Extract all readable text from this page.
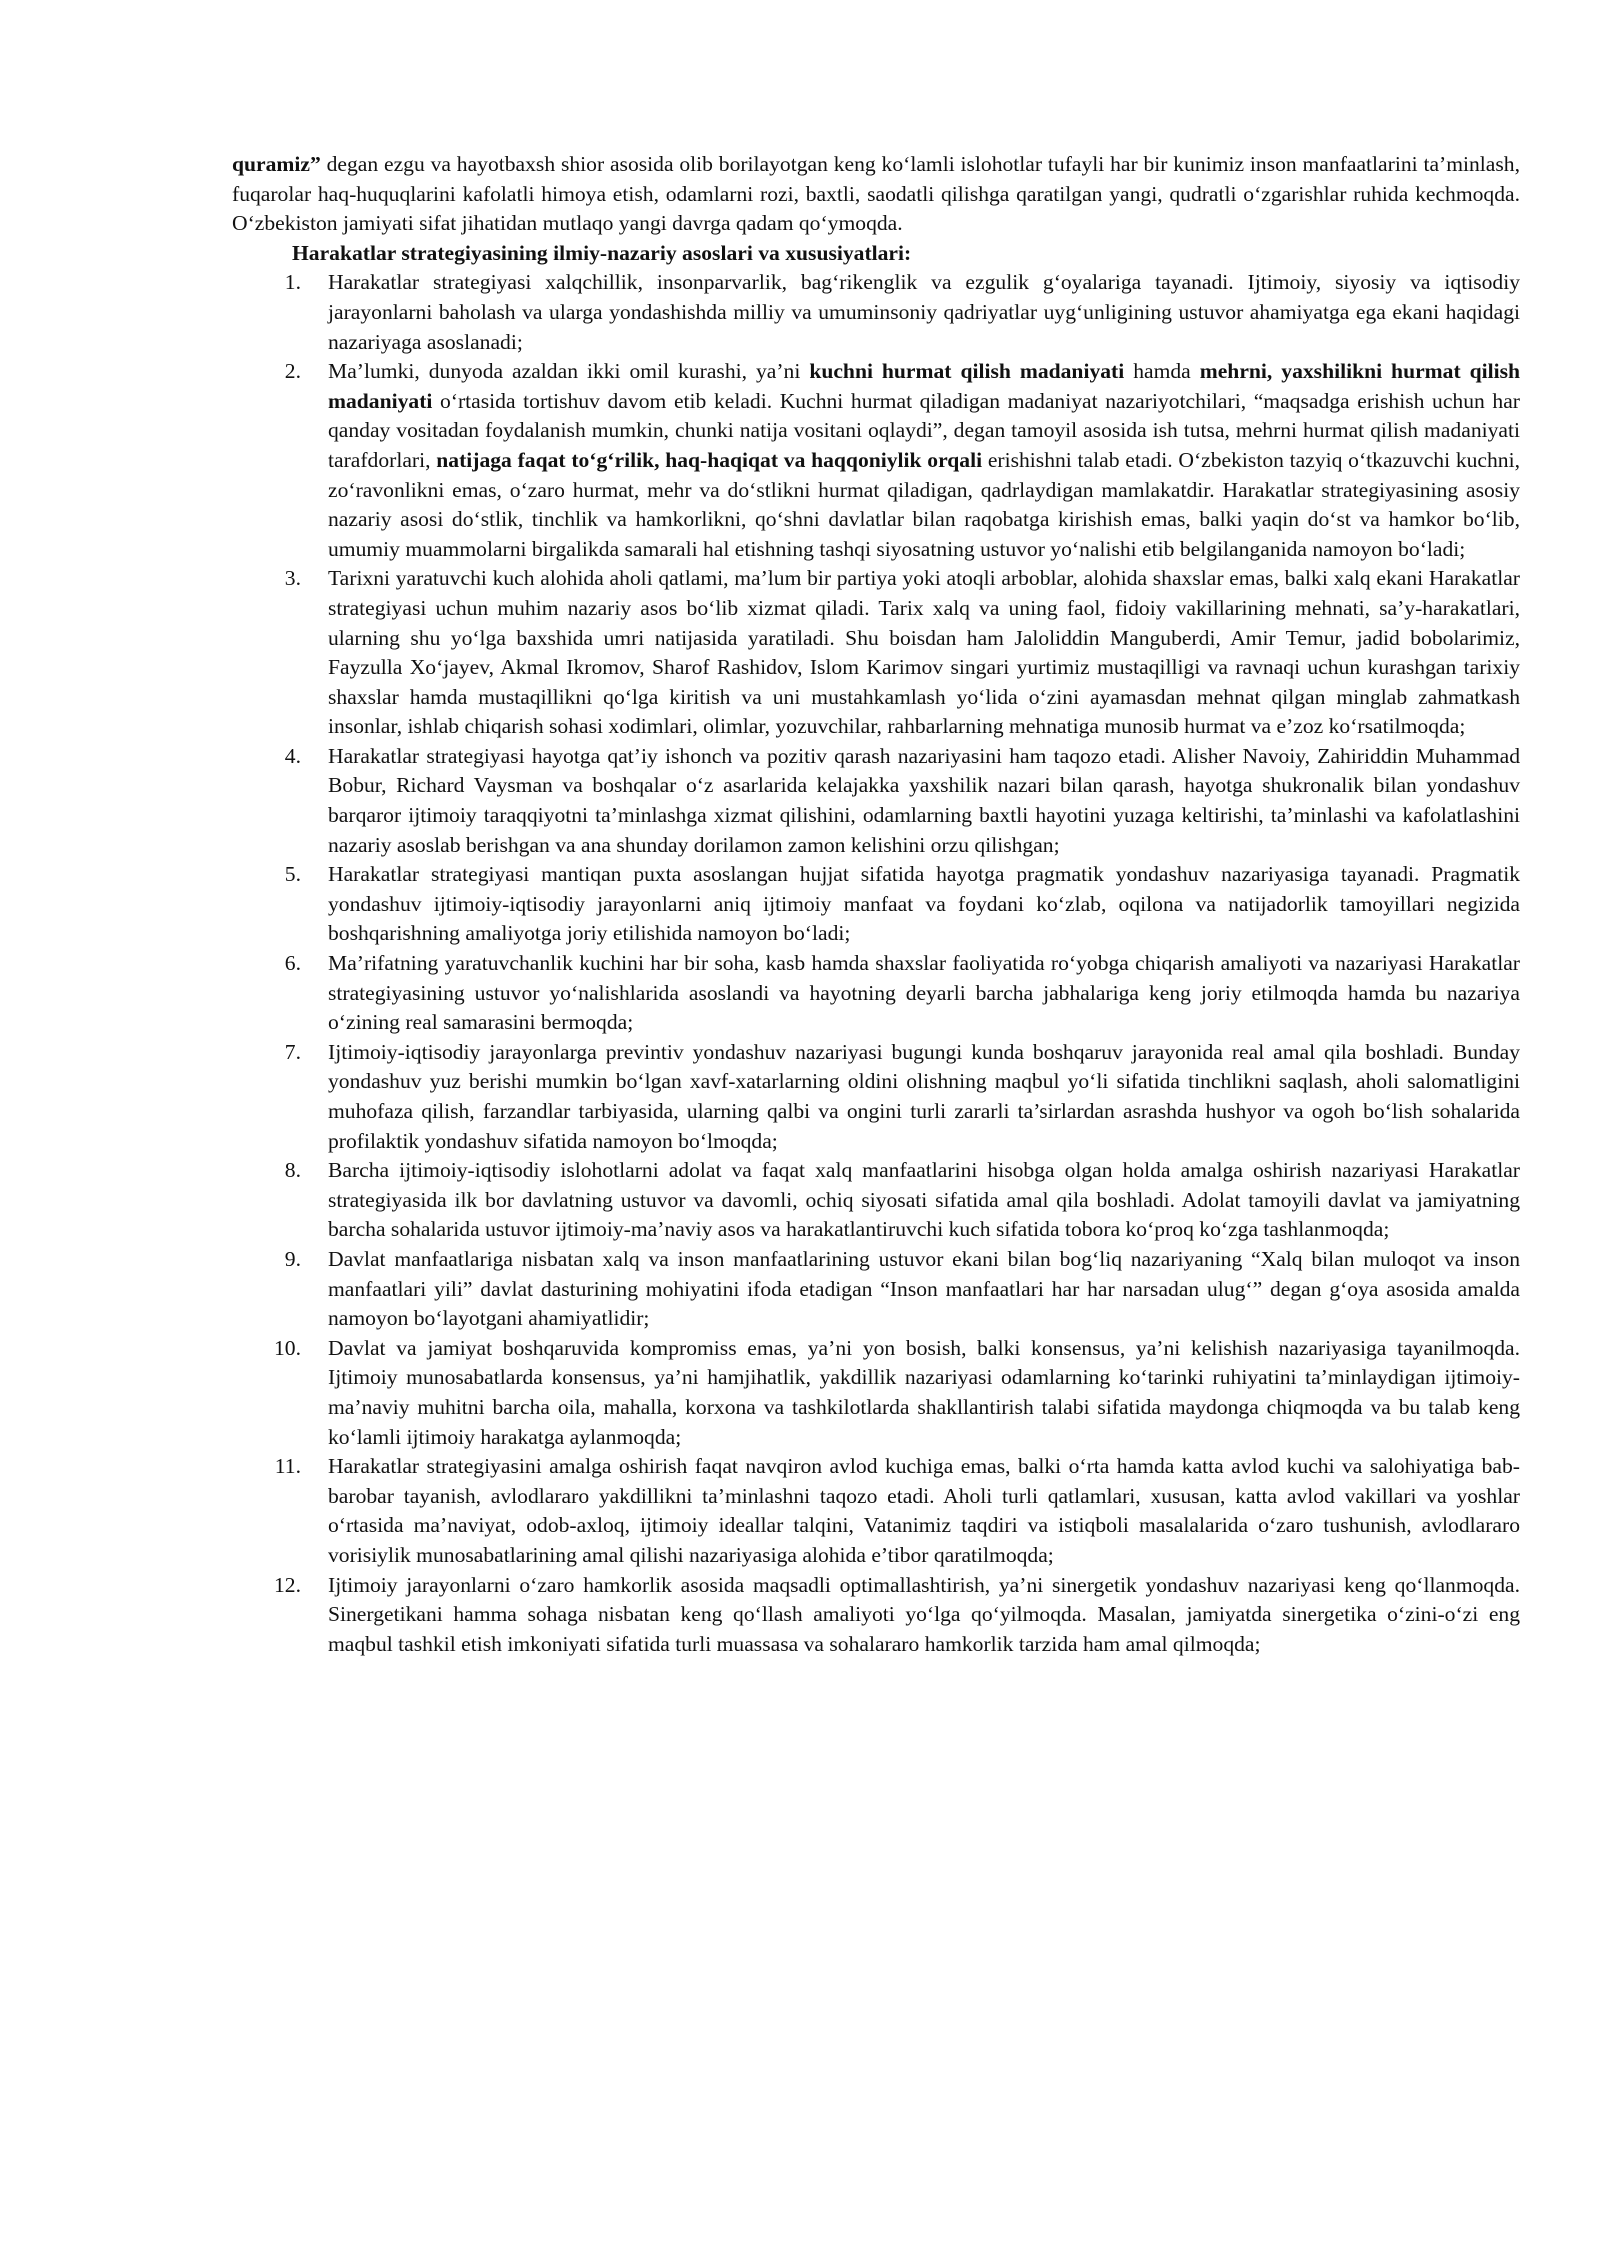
quramiz” degan ezgu va hayotbaxsh shior asosida olib borilayotgan keng ko‘lamli islohotlar tufayli har bir kunimiz inson manfaatlarini ta’minlash, fuqarolar haq-huquqlarini kafolatli himoya etish, odamlarni rozi, baxtli, saodatli qilishga qaratilgan yangi, qudratli o‘zgarishlar ruhida kechmoqda. O‘zbekiston jamiyati sifat jihatidan mutlaqo yangi davrga qadam qo‘ymoqda.

Harakatlar strategiyasining ilmiy-nazariy asoslari va xususiyatlari:

1. Harakatlar strategiyasi xalqchillik, insonparvarlik, bag‘rikenglik va ezgulik g‘oyalariga tayanadi. Ijtimoiy, siyosiy va iqtisodiy jarayonlarni baholash va ularga yondashishda milliy va umuminsoniy qadriyatlar uyg‘unligining ustuvor ahamiyatga ega ekani haqidagi nazariyaga asoslanadi;
2. Ma’lumki, dunyoda azaldan ikki omil kurashi, ya’ni kuchni hurmat qilish madaniyati hamda mehrni, yaxshilikni hurmat qilish madaniyati o‘rtasida tortishuv davom etib keladi. Kuchni hurmat qiladigan madaniyat nazariyotchilari, “maqsadga erishish uchun har qanday vositadan foydalanish mumkin, chunki natija vositani oqlaydi”, degan tamoyil asosida ish tutsa, mehrni hurmat qilish madaniyati tarafdorlari, natijaga faqat to‘g‘rilik, haq-haqiqat va haqqoniylik orqali erishishni talab etadi. O‘zbekiston tazyiq o‘tkazuvchi kuchni, zo‘ravonlikni emas, o‘zaro hurmat, mehr va do‘stlikni hurmat qiladigan, qadrlaydigan mamlakatdir. Harakatlar strategiyasining asosiy nazariy asosi do‘stlik, tinchlik va hamkorlikni, qo‘shni davlatlar bilan raqobatga kirishish emas, balki yaqin do‘st va hamkor bo‘lib, umumiy muammolarni birgalikda samarali hal etishning tashqi siyosatning ustuvor yo‘nalishi etib belgilanganida namoyon bo‘ladi;
3. Tarixni yaratuvchi kuch alohida aholi qatlami, ma’lum bir partiya yoki atoqli arboblar, alohida shaxslar emas, balki xalq ekani Harakatlar strategiyasi uchun muhim nazariy asos bo‘lib xizmat qiladi. Tarix xalq va uning faol, fidoiy vakillarining mehnati, sa’y-harakatlari, ularning shu yo‘lga baxshida umri natijasida yaratiladi. Shu boisdan ham Jaloliddin Manguberdi, Amir Temur, jadid bobolarimiz, Fayzulla Xo‘jayev, Akmal Ikromov, Sharof Rashidov, Islom Karimov singari yurtimiz mustaqilligi va ravnaqi uchun kurashgan tarixiy shaxslar hamda mustaqillikni qo‘lga kiritish va uni mustahkamlash yo‘lida o‘zini ayamasdan mehnat qilgan minglab zahmatkash insonlar, ishlab chiqarish sohasi xodimlari, olimlar, yozuvchilar, rahbarlarning mehnatiga munosib hurmat va e’zoz ko‘rsatilmoqda;
4. Harakatlar strategiyasi hayotga qat’iy ishonch va pozitiv qarash nazariyasini ham taqozo etadi. Alisher Navoiy, Zahiriddin Muhammad Bobur, Richard Vaysman va boshqalar o‘z asarlarida kelajakka yaxshilik nazari bilan qarash, hayotga shukronalik bilan yondashuv barqaror ijtimoiy taraqqiyotni ta’minlashga xizmat qilishini, odamlarning baxtli hayotini yuzaga keltirishi, ta’minlashi va kafolatlashini nazariy asoslab berishgan va ana shunday dorilamon zamon kelishini orzu qilishgan;
5. Harakatlar strategiyasi mantiqan puxta asoslangan hujjat sifatida hayotga pragmatik yondashuv nazariyasiga tayanadi. Pragmatik yondashuv ijtimoiy-iqtisodiy jarayonlarni aniq ijtimoiy manfaat va foydani ko‘zlab, oqilona va natijadorlik tamoyillari negizida boshqarishning amaliyotga joriy etilishida namoyon bo‘ladi;
6. Ma’rifatning yaratuvchanlik kuchini har bir soha, kasb hamda shaxslar faoliyatida ro‘yobga chiqarish amaliyoti va nazariyasi Harakatlar strategiyasining ustuvor yo‘nalishlarida asoslandi va hayotning deyarli barcha jabhalariga keng joriy etilmoqda hamda bu nazariya o‘zining real samarasini bermoqda;
7. Ijtimoiy-iqtisodiy jarayonlarga previntiv yondashuv nazariyasi bugungi kunda boshqaruv jarayonida real amal qila boshladi. Bunday yondashuv yuz berishi mumkin bo‘lgan xavf-xatarlarning oldini olishning maqbul yo‘li sifatida tinchlikni saqlash, aholi salomatligini muhofaza qilish, farzandlar tarbiyasida, ularning qalbi va ongini turli zararli ta’sirlardan asrashda hushyor va ogoh bo‘lish sohalarida profilaktik yondashuv sifatida namoyon bo‘lmoqda;
8. Barcha ijtimoiy-iqtisodiy islohotlarni adolat va faqat xalq manfaatlarini hisobga olgan holda amalga oshirish nazariyasi Harakatlar strategiyasida ilk bor davlatning ustuvor va davomli, ochiq siyosati sifatida amal qila boshladi. Adolat tamoyili davlat va jamiyatning barcha sohalarida ustuvor ijtimoiy-ma’naviy asos va harakatlantiruvchi kuch sifatida tobora ko‘proq ko‘zga tashlanmoqda;
9. Davlat manfaatlariga nisbatan xalq va inson manfaatlarining ustuvor ekani bilan bog‘liq nazariyaning “Xalq bilan muloqot va inson manfaatlari yili” davlat dasturining mohiyatini ifoda etadigan “Inson manfaatlari har har narsadan ulug‘” degan g‘oya asosida amalda namoyon bo‘layotgani ahamiyatlidir;
10. Davlat va jamiyat boshqaruvida kompromiss emas, ya’ni yon bosish, balki konsensus, ya’ni kelishish nazariyasiga tayanilmoqda. Ijtimoiy munosabatlarda konsensus, ya’ni hamjihatlik, yakdillik nazariyasi odamlarning ko‘tarinki ruhiyatini ta’minlaydigan ijtimoiy-ma’naviy muhitni barcha oila, mahalla, korxona va tashkilotlarda shakllantirish talabi sifatida maydonga chiqmoqda va bu talab keng ko‘lamli ijtimoiy harakatga aylanmoqda;
11. Harakatlar strategiyasini amalga oshirish faqat navqiron avlod kuchiga emas, balki o‘rta hamda katta avlod kuchi va salohiyatiga bab-barobar tayanish, avlodlararo yakdillikni ta’minlashni taqozo etadi. Aholi turli qatlamlari, xususan, katta avlod vakillari va yoshlar o‘rtasida ma’naviyat, odob-axloq, ijtimoiy ideallar talqini, Vatanimiz taqdiri va istiqboli masalalarida o‘zaro tushunish, avlodlararo vorisiylik munosabatlarining amal qilishi nazariyasiga alohida e’tibor qaratilmoqda;
12. Ijtimoiy jarayonlarni o‘zaro hamkorlik asosida maqsadli optimallashtirish, ya’ni sinergetik yondashuv nazariyasi keng qo‘llanmoqda. Sinergetikani hamma sohaga nisbatan keng qo‘llash amaliyoti yo‘lga qo‘yilmoqda. Masalan, jamiyatda sinergetika o‘zini-o‘zi eng maqbul tashkil etish imkoniyati sifatida turli muassasa va sohalararo hamkorlik tarzida ham amal qilmoqda;
